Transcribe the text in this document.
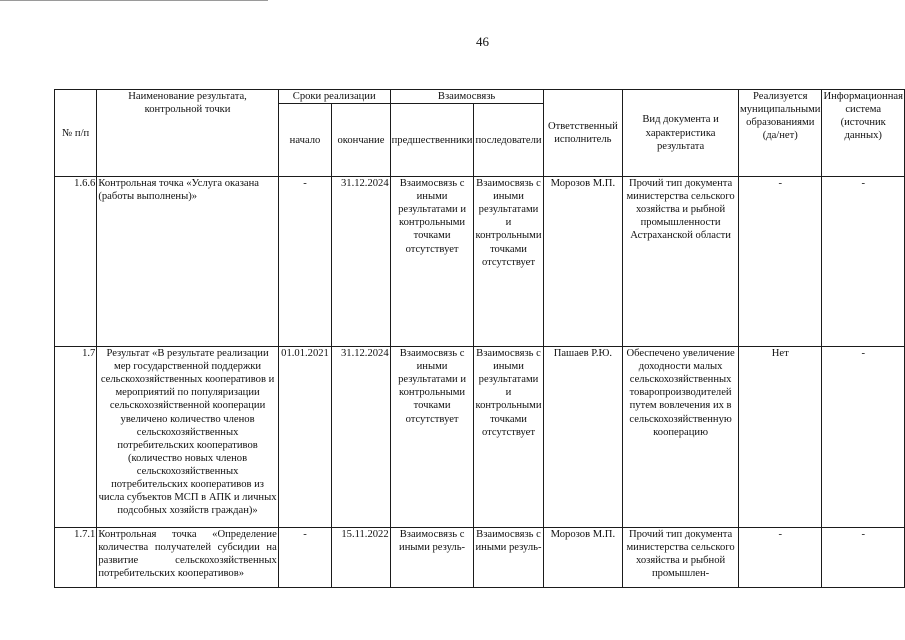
46
№ п/п	Наименование результата, контрольной точки	Сроки реализации		Взаимосвязь		Ответственный исполнитель	Вид документа и характеристика результата	Реализуется муниципальными образованиями (да/нет)	Информационная система (источник данных)
		начало	окончание	предшественники	последователи				
1.6.6	Контрольная точка «Услуга оказана (работы выполнены)»	-	31.12.2024	Взаимосвязь с иными результатами и контрольными точками отсутствует	Взаимосвязь с иными результатами и контрольными точками отсутствует	Морозов М.П.	Прочий тип документа министерства сельского хозяйства и рыбной промышленности Астраханской области	-	-
1.7	Результат «В результате реализации мер государственной поддержки сельскохозяйственных кооперативов и мероприятий по популяризации сельскохозяйственной кооперации увеличено количество членов сельскохозяйственных потребительских кооперативов (количество новых членов сельскохозяйственных потребительских кооперативов из числа субъектов МСП в АПК и личных подсобных хозяйств граждан)»	01.01.2021	31.12.2024	Взаимосвязь с иными результатами и контрольными точками отсутствует	Взаимосвязь с иными результатами и контрольными точками отсутствует	Пашаев Р.Ю.	Обеспечено увеличение доходности малых сельскохозяйственных товаропроизводителей путем вовлечения их в сельскохозяйственную кооперацию	Нет	-
1.7.1	Контрольная точка «Определение количества получателей субсидии на развитие сельскохозяйственных потребительских кооперативов»	-	15.11.2022	Взаимосвязь с иными резуль-	Взаимосвязь с иными резуль-	Морозов М.П.	Прочий тип документа министерства сельского хозяйства и рыбной промышлен-	-	-
